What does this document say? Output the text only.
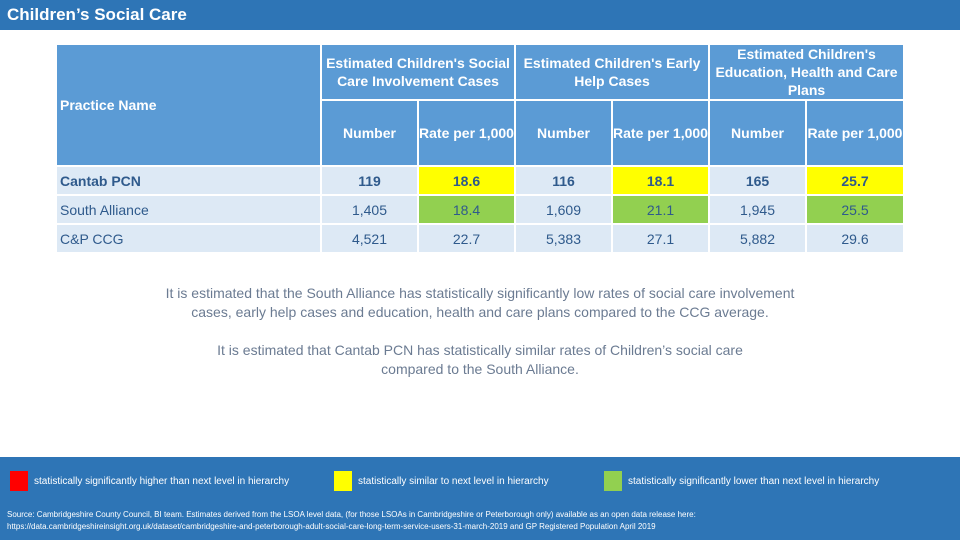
Children’s Social Care
Practice Name	Estimated Children's Social Care Involvement Cases		Estimated Children's Early Help Cases		Estimated Children's Education, Health and Care Plans	
	Number	Rate per 1,000	Number	Rate per 1,000	Number	Rate per 1,000
Cantab PCN	119	18.6	116	18.1	165	25.7
South Alliance	1,405	18.4	1,609	21.1	1,945	25.5
C&P CCG	4,521	22.7	5,383	27.1	5,882	29.6
It is estimated that the South Alliance has statistically significantly low rates of social care involvement
cases, early help cases and education, health and care plans compared to the CCG average.
It is estimated that Cantab PCN has statistically similar rates of Children’s social care
compared to the South Alliance.
statistically significantly higher than next level in hierarchy	statistically similar to next level in hierarchy	statistically significantly lower than next level in hierarchy
Source: Cambridgeshire County Council, BI team. Estimates derived from the LSOA level data, (for those LSOAs in Cambridgeshire or Peterborough only) available as an open data release here:
https://data.cambridgeshireinsight.org.uk/dataset/cambridgeshire-and-peterborough-adult-social-care-long-term-service-users-31-march-2019 and GP Registered Population April 2019
